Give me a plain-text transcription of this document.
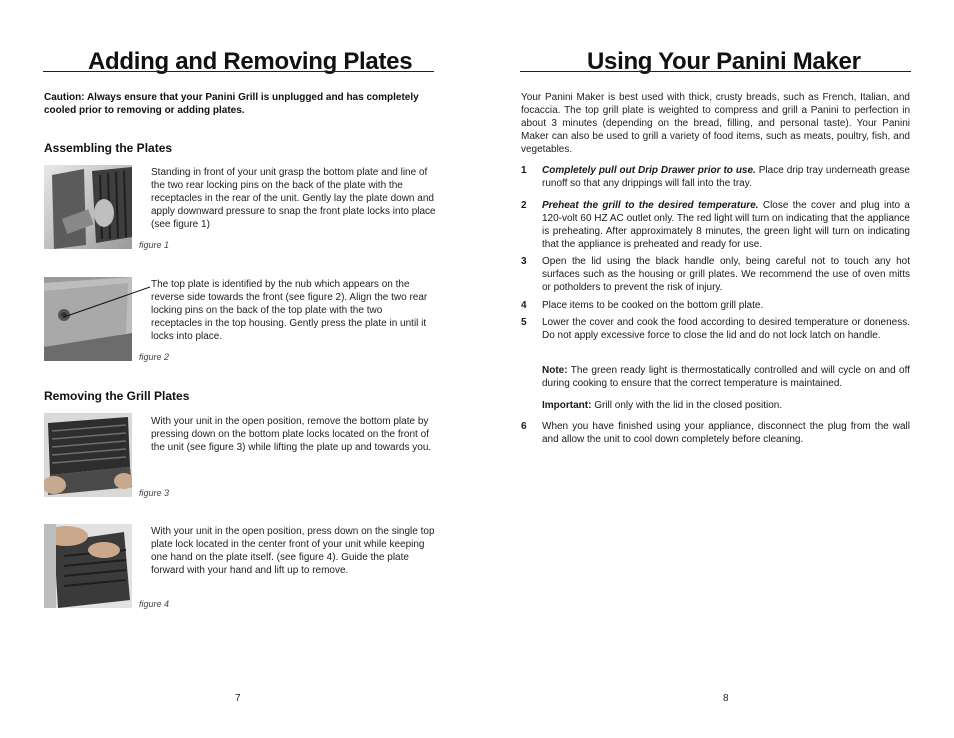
Adding and Removing Plates
Caution: Always ensure that your Panini Grill is unplugged and has completely
cooled prior to removing or adding plates.
Assembling the Plates
Standing in front of your unit grasp the bottom plate and line of the two rear locking pins on the back of the plate with the receptacles in the rear of the unit. Gently lay the plate down and apply downward pressure to snap the front plate locks into place (see figure 1)
figure 1
The top plate is identified by the nub which appears on the reverse side towards the front (see figure 2). Align the two rear locking pins on the back of the top plate with the two receptacles in the top housing. Gently press the plate in until it locks into place.
figure 2
Removing the Grill Plates
With your unit in the open position, remove the bottom plate by pressing down on the bottom plate locks located on the front of the unit (see figure 3) while lifting the plate up and towards you.
figure 3
With your unit in the open position, press down on the single top plate lock located in the center front of your unit while keeping one hand on the plate itself. (see figure 4). Guide the plate forward with your hand and lift up to remove.
figure 4
7
Using Your Panini Maker
Your Panini Maker is best used with thick, crusty breads, such as French, Italian, and focaccia. The top grill plate is weighted to compress and grill a Panini to perfection in about 3 minutes (depending on the bread, filling, and personal taste). Your Panini Maker can also be used to grill a variety of food items, such as meats, poultry, fish, and vegetables.
1 Completely pull out Drip Drawer prior to use. Place drip tray underneath grease runoff so that any drippings will fall into the tray.
2 Preheat the grill to the desired temperature. Close the cover and plug into a 120-volt 60 HZ AC outlet only. The red light will turn on indicating that the appliance is preheating. After approximately 8 minutes, the green light will turn on indicating that the appliance is preheated and ready for use.
3 Open the lid using the black handle only, being careful not to touch any hot surfaces such as the housing or grill plates. We recommend the use of oven mitts or potholders to prevent the risk of injury.
4 Place items to be cooked on the bottom grill plate.
5 Lower the cover and cook the food according to desired temperature or doneness. Do not apply excessive force to close the lid and do not lock latch on handle.
Note: The green ready light is thermostatically controlled and will cycle on and off during cooking to ensure that the correct temperature is maintained.
Important: Grill only with the lid in the closed position.
6 When you have finished using your appliance, disconnect the plug from the wall and allow the unit to cool down completely before cleaning.
8
